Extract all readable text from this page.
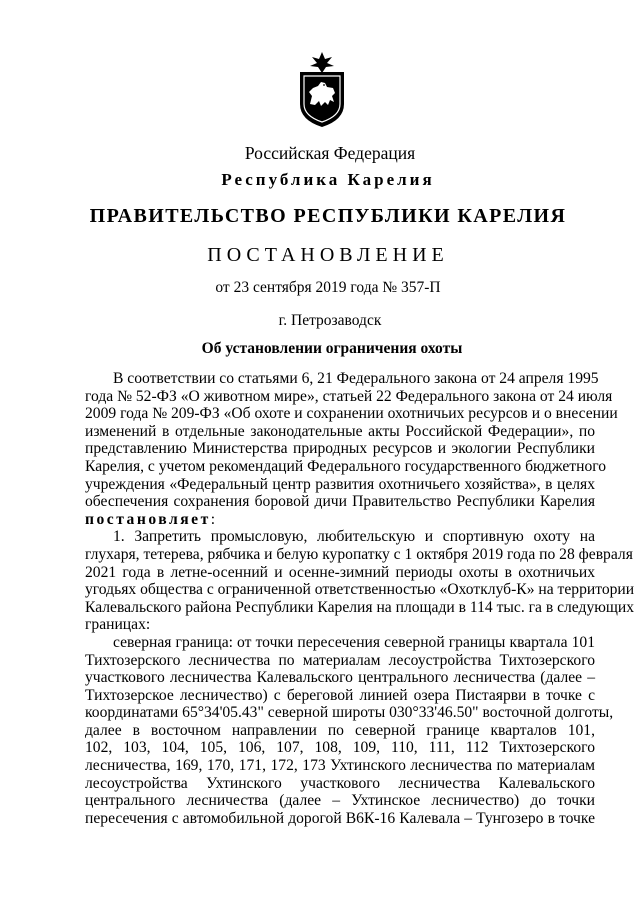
Российская Федерация
Республика Карелия
ПРАВИТЕЛЬСТВО РЕСПУБЛИКИ КАРЕЛИЯ
ПОСТАНОВЛЕНИЕ
от 23 сентября 2019 года № 357-П
г. Петрозаводск
Об установлении ограничения охоты
В соответствии со статьями 6, 21 Федерального закона от 24 апреля 1995
года № 52-ФЗ «О животном мире», статьей 22 Федерального закона от 24 июля
2009 года № 209-ФЗ «Об охоте и сохранении охотничьих ресурсов и о внесении
изменений в отдельные законодательные акты Российской Федерации», по
представлению Министерства природных ресурсов и экологии Республики
Карелия, с учетом рекомендаций Федерального государственного бюджетного
учреждения «Федеральный центр развития охотничьего хозяйства», в целях
обеспечения сохранения боровой дичи Правительство Республики Карелия
постановляет:
1. Запретить промысловую, любительскую и спортивную охоту на
глухаря, тетерева, рябчика и белую куропатку с 1 октября 2019 года по 28 февраля
2021 года в летне-осенний и осенне-зимний периоды охоты в охотничьих
угодьях общества с ограниченной ответственностью «Охотклуб-К» на территории
Калевальского района Республики Карелия на площади в 114 тыс. га в следующих
границах:
северная граница: от точки пересечения северной границы квартала 101
Тихтозерского лесничества по материалам лесоустройства Тихтозерского
участкового лесничества Калевальского центрального лесничества (далее –
Тихтозерское лесничество) с береговой линией озера Пистаярви в точке с
координатами 65°34'05.43" северной широты 030°33'46.50" восточной долготы,
далее в восточном направлении по северной границе кварталов 101,
102, 103, 104, 105, 106, 107, 108, 109, 110, 111, 112 Тихтозерского
лесничества, 169, 170, 171, 172, 173 Ухтинского лесничества по материалам
лесоустройства Ухтинского участкового лесничества Калевальского
центрального лесничества (далее – Ухтинское лесничество) до точки
пересечения с автомобильной дорогой В6К-16 Калевала – Тунгозеро в точке
